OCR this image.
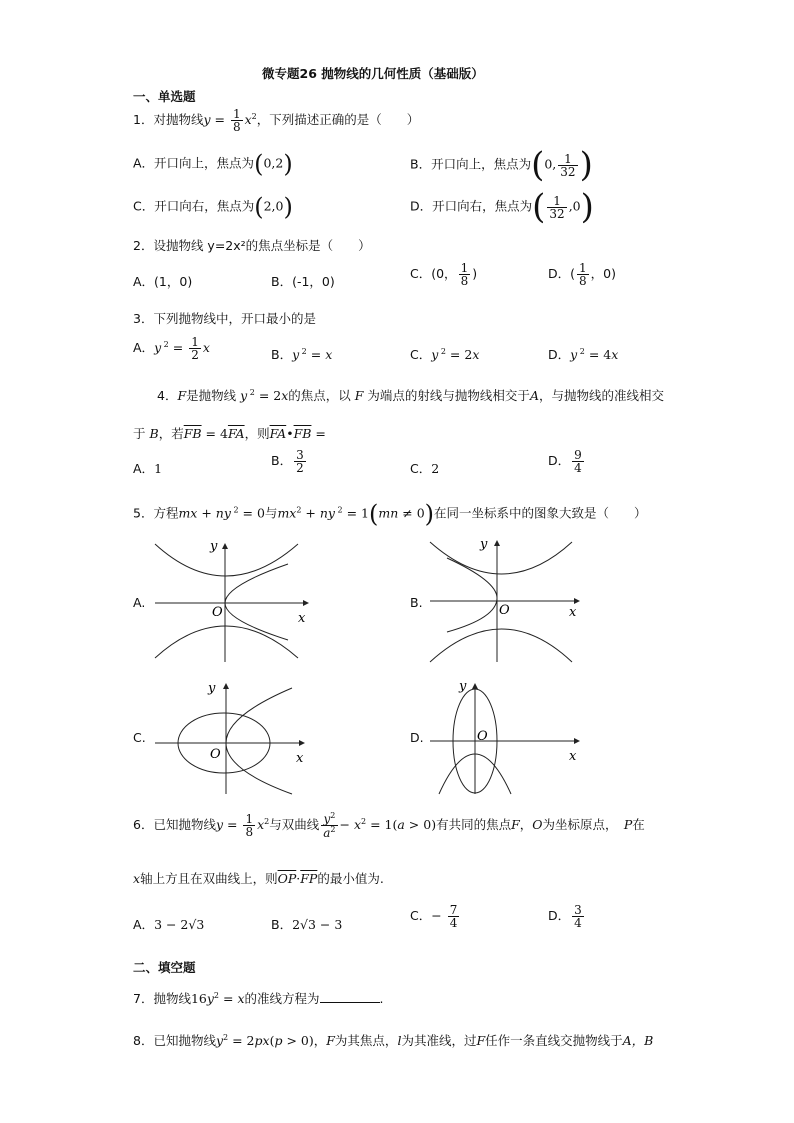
微专题26 抛物线的几何性质（基础版）
一、单选题
1．对抛物线$y = \frac{1}{8} x^2$，下列描述正确的是（　　）
A．开口向上，焦点为(0,2)	B．开口向上，焦点为(0, $\frac{1}{32}$ )
C．开口向右，焦点为(2,0)	D．开口向右，焦点为( $\frac{1}{32} ,0$)
2．设抛物线 y=2x²的焦点坐标是（　　）
A．(1，0)	B．(-1，0)
C．(0， $\frac{1}{8}$ )	D．( $\frac{1}{8}$ ，0)
3．下列抛物线中，开口最小的是
A．y $^2 = \frac{1}{2}$ x	B．y $^2$ = x	C．y $^2$ = 2x	D．y $^2$ = 4x
4．F是抛物线 y $^2$ = 2x的焦点，以 F 为端点的射线与抛物线相交于A，与抛物线的准线相交
于 B，若$\overline{FB} = 4\overline{FA}$，则$\overline{FA}•\overline{FB}$ =
A．1
B． $\frac{3}{2}$	C．2
D． $\frac{9}{4}$
5．方程mx + ny $^2$ = 0与$mx^2$ + ny $^2$ = 1(mn ≠ 0)在同一坐标系中的图象大致是（　　）
A.
y
O	x
B.
y
O	x
C.
y
O	x
D.
y
O
x
6．已知抛物线$y = \frac{1}{8} x^2$与双曲线 $\frac{y^2}{a^2} - x^2 = 1(a > 0)$有共同的焦点F，O为坐标原点，　P在
x轴上方且在双曲线上，则$\overline{OP}\cdot\overline{FP}$的最小值为.
A．3 − 2√3	B．2√3 − 3
C．− $\frac{7}{4}$	D． $\frac{3}{4}$
二、填空题
7．抛物线$16y^2 = x$的准线方程为	.
8．已知抛物线$y^2 = 2px(p > 0)$，F为其焦点，l为其准线，过F任作一条直线交抛物线于A，B
